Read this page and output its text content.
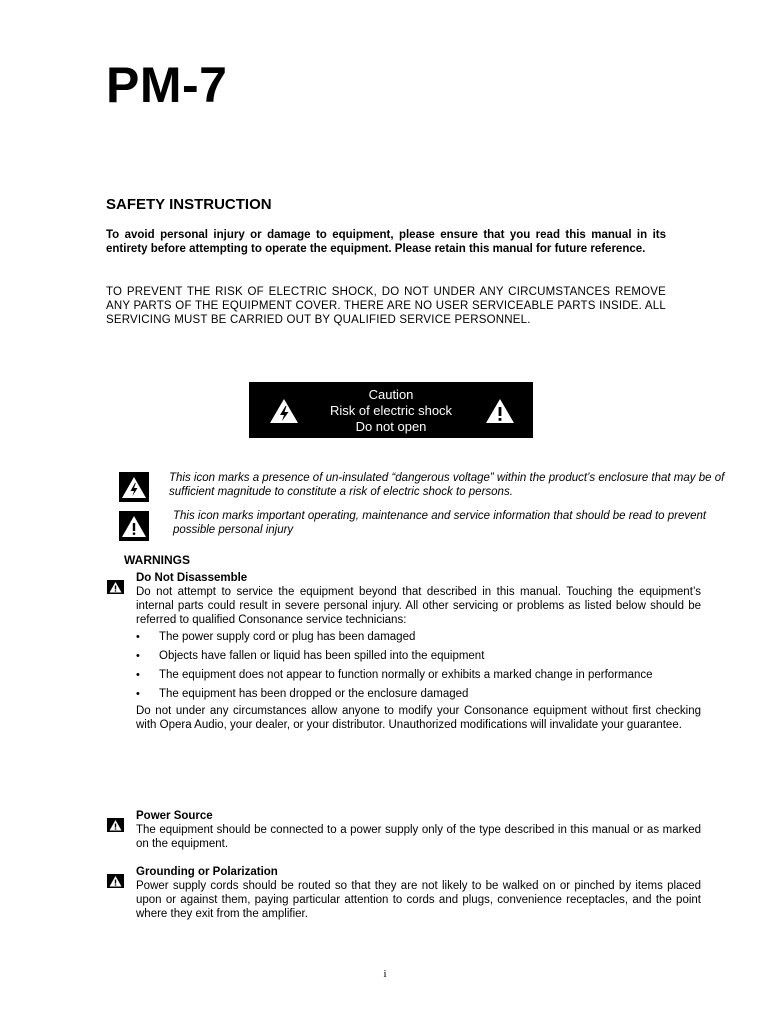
PM-7
SAFETY INSTRUCTION
To avoid personal injury or damage to equipment, please ensure that you read this manual in its entirety before attempting to operate the equipment. Please retain this manual for future reference.
TO PREVENT THE RISK OF ELECTRIC SHOCK, DO NOT UNDER ANY CIRCUMSTANCES REMOVE ANY PARTS OF THE EQUIPMENT COVER. THERE ARE NO USER SERVICEABLE PARTS INSIDE. ALL SERVICING MUST BE CARRIED OUT BY QUALIFIED SERVICE PERSONNEL.
Caution
Risk of electric shock
Do not open
This icon marks a presence of un-insulated “dangerous voltage” within the product’s enclosure that may be of sufficient magnitude to constitute a risk of electric shock to persons.
This icon marks important operating, maintenance and service information that should be read to prevent possible personal injury
WARNINGS
Do Not Disassemble

Do not attempt to service the equipment beyond that described in this manual. Touching the equipment’s internal parts could result in severe personal injury. All other servicing or problems as listed below should be referred to qualified Consonance service technicians:

• The power supply cord or plug has been damaged
• Objects have fallen or liquid has been spilled into the equipment
• The equipment does not appear to function normally or exhibits a marked change in performance
• The equipment has been dropped or the enclosure damaged

Do not under any circumstances allow anyone to modify your Consonance equipment without first checking with Opera Audio, your dealer, or your distributor. Unauthorized modifications will invalidate your guarantee.

Power Source

The equipment should be connected to a power supply only of the type described in this manual or as marked on the equipment.

Grounding or Polarization

Power supply cords should be routed so that they are not likely to be walked on or pinched by items placed upon or against them, paying particular attention to cords and plugs, convenience receptacles, and the point where they exit from the amplifier.

i
